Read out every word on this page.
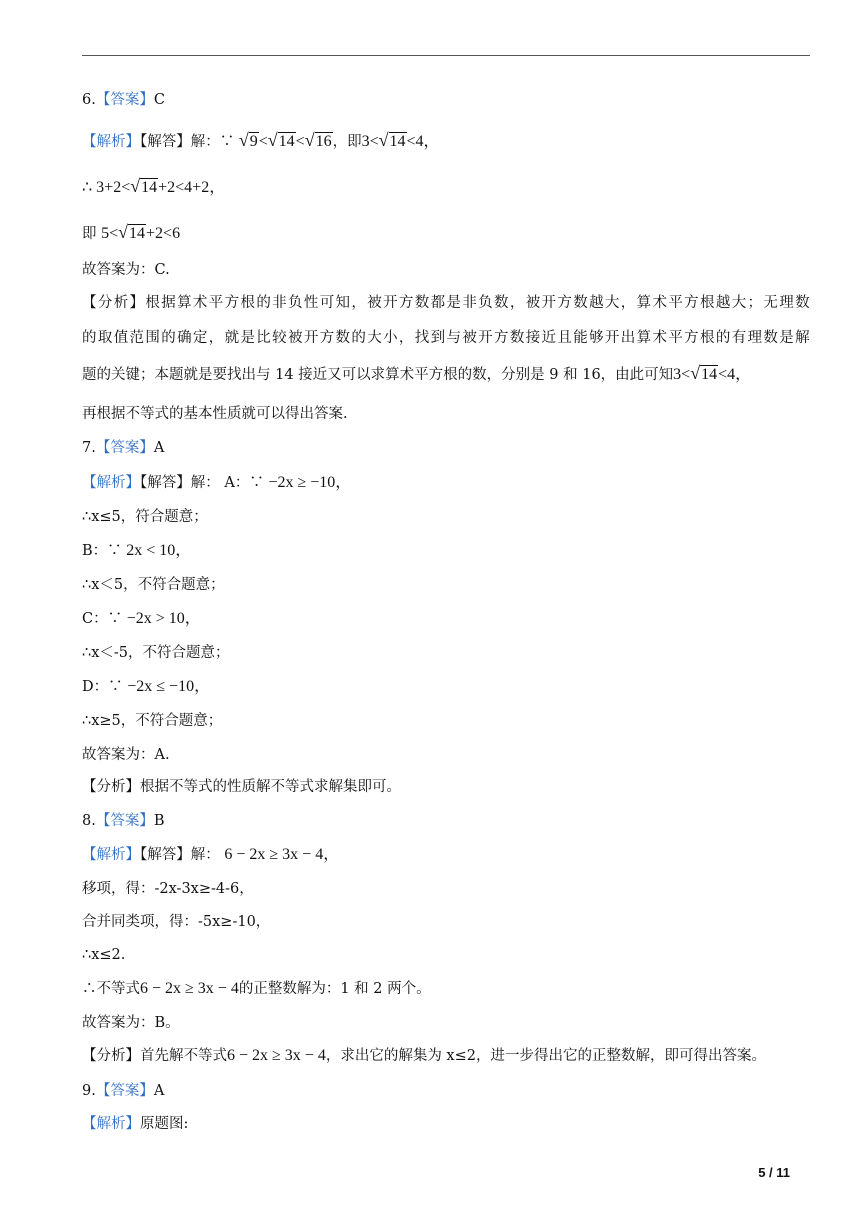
6.【答案】C
【解析】【解答】解：∵ √9<√14<√16，即3<√14<4，
∴ 3+2<√14+2<4+2，
即 5<√14+2<6
故答案为：C.
【分析】根据算术平方根的非负性可知，被开方数都是非负数，被开方数越大，算术平方根越大；无理数
的取值范围的确定，就是比较被开方数的大小，找到与被开方数接近且能够开出算术平方根的有理数是解
题的关键；本题就是要找出与 14 接近又可以求算术平方根的数，分别是 9 和 16，由此可知3<√14<4，
再根据不等式的基本性质就可以得出答案.
7.【答案】A
【解析】【解答】解： A：∵ −2x ≥ −10，
∴x≤5，符合题意；
B：∵ 2x < 10，
∴x＜5，不符合题意；
C：∵ −2x > 10，
∴x＜-5，不符合题意；
D：∵ −2x ≤ −10，
∴x≥5，不符合题意；
故答案为：A.
【分析】根据不等式的性质解不等式求解集即可。
8.【答案】B
【解析】【解答】解： 6 − 2x ≥ 3x − 4，
移项，得：-2x-3x≥-4-6，
合并同类项，得：-5x≥-10，
∴x≤2.
∴不等式6 − 2x ≥ 3x − 4的正整数解为：1 和 2 两个。
故答案为：B。
【分析】首先解不等式6 − 2x ≥ 3x − 4，求出它的解集为 x≤2，进一步得出它的正整数解，即可得出答案。
9.【答案】A
【解析】原题图:
5 / 11
